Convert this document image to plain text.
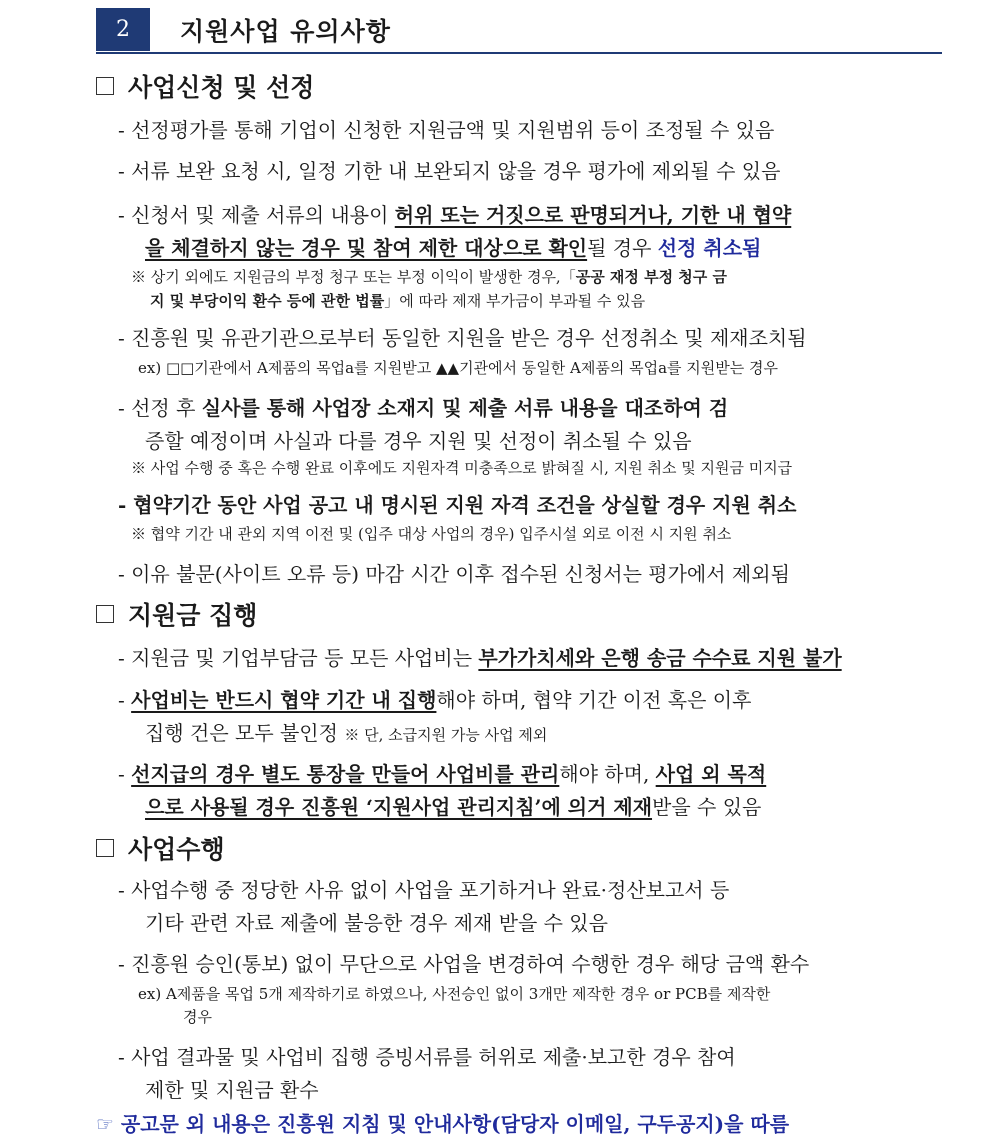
2	지원사업 유의사항
사업신청 및 선정
- 선정평가를 통해 기업이 신청한 지원금액 및 지원범위 등이 조정될 수 있음
- 서류 보완 요청 시, 일정 기한 내 보완되지 않을 경우 평가에 제외될 수 있음
- 신청서 및 제출 서류의 내용이 허위 또는 거짓으로 판명되거나, 기한 내 협약
을 체결하지 않는 경우 및 참여 제한 대상으로 확인될 경우 선정 취소됨
※ 상기 외에도 지원금의 부정 청구 또는 부정 이익이 발생한 경우,「공공 재정 부정 청구 금
지 및 부당이익 환수 등에 관한 법률」에 따라 제재 부가금이 부과될 수 있음
- 진흥원 및 유관기관으로부터 동일한 지원을 받은 경우 선정취소 및 제재조치됨
ex) □□기관에서 A제품의 목업a를 지원받고 ▲▲기관에서 동일한 A제품의 목업a를 지원받는 경우
- 선정 후 실사를 통해 사업장 소재지 및 제출 서류 내용을 대조하여 검
증할 예정이며 사실과 다를 경우 지원 및 선정이 취소될 수 있음
※ 사업 수행 중 혹은 수행 완료 이후에도 지원자격 미충족으로 밝혀질 시, 지원 취소 및 지원금 미지급
- 협약기간 동안 사업 공고 내 명시된 지원 자격 조건을 상실할 경우 지원 취소
※ 협약 기간 내 관외 지역 이전 및 (입주 대상 사업의 경우) 입주시설 외로 이전 시 지원 취소
- 이유 불문(사이트 오류 등) 마감 시간 이후 접수된 신청서는 평가에서 제외됨
지원금 집행
- 지원금 및 기업부담금 등 모든 사업비는 부가가치세와 은행 송금 수수료 지원 불가
- 사업비는 반드시 협약 기간 내 집행해야 하며, 협약 기간 이전 혹은 이후
집행 건은 모두 불인정 ※ 단, 소급지원 가능 사업 제외
- 선지급의 경우 별도 통장을 만들어 사업비를 관리해야 하며, 사업 외 목적
으로 사용될 경우 진흥원 ‘지원사업 관리지침’에 의거 제재받을 수 있음
사업수행
- 사업수행 중 정당한 사유 없이 사업을 포기하거나 완료·정산보고서 등
기타 관련 자료 제출에 불응한 경우 제재 받을 수 있음
- 진흥원 승인(통보) 없이 무단으로 사업을 변경하여 수행한 경우 해당 금액 환수
ex) A제품을 목업 5개 제작하기로 하였으나, 사전승인 없이 3개만 제작한 경우 or PCB를 제작한
경우
- 사업 결과물 및 사업비 집행 증빙서류를 허위로 제출·보고한 경우 참여
제한 및 지원금 환수
☞ 공고문 외 내용은 진흥원 지침 및 안내사항(담당자 이메일, 구두공지)을 따름
